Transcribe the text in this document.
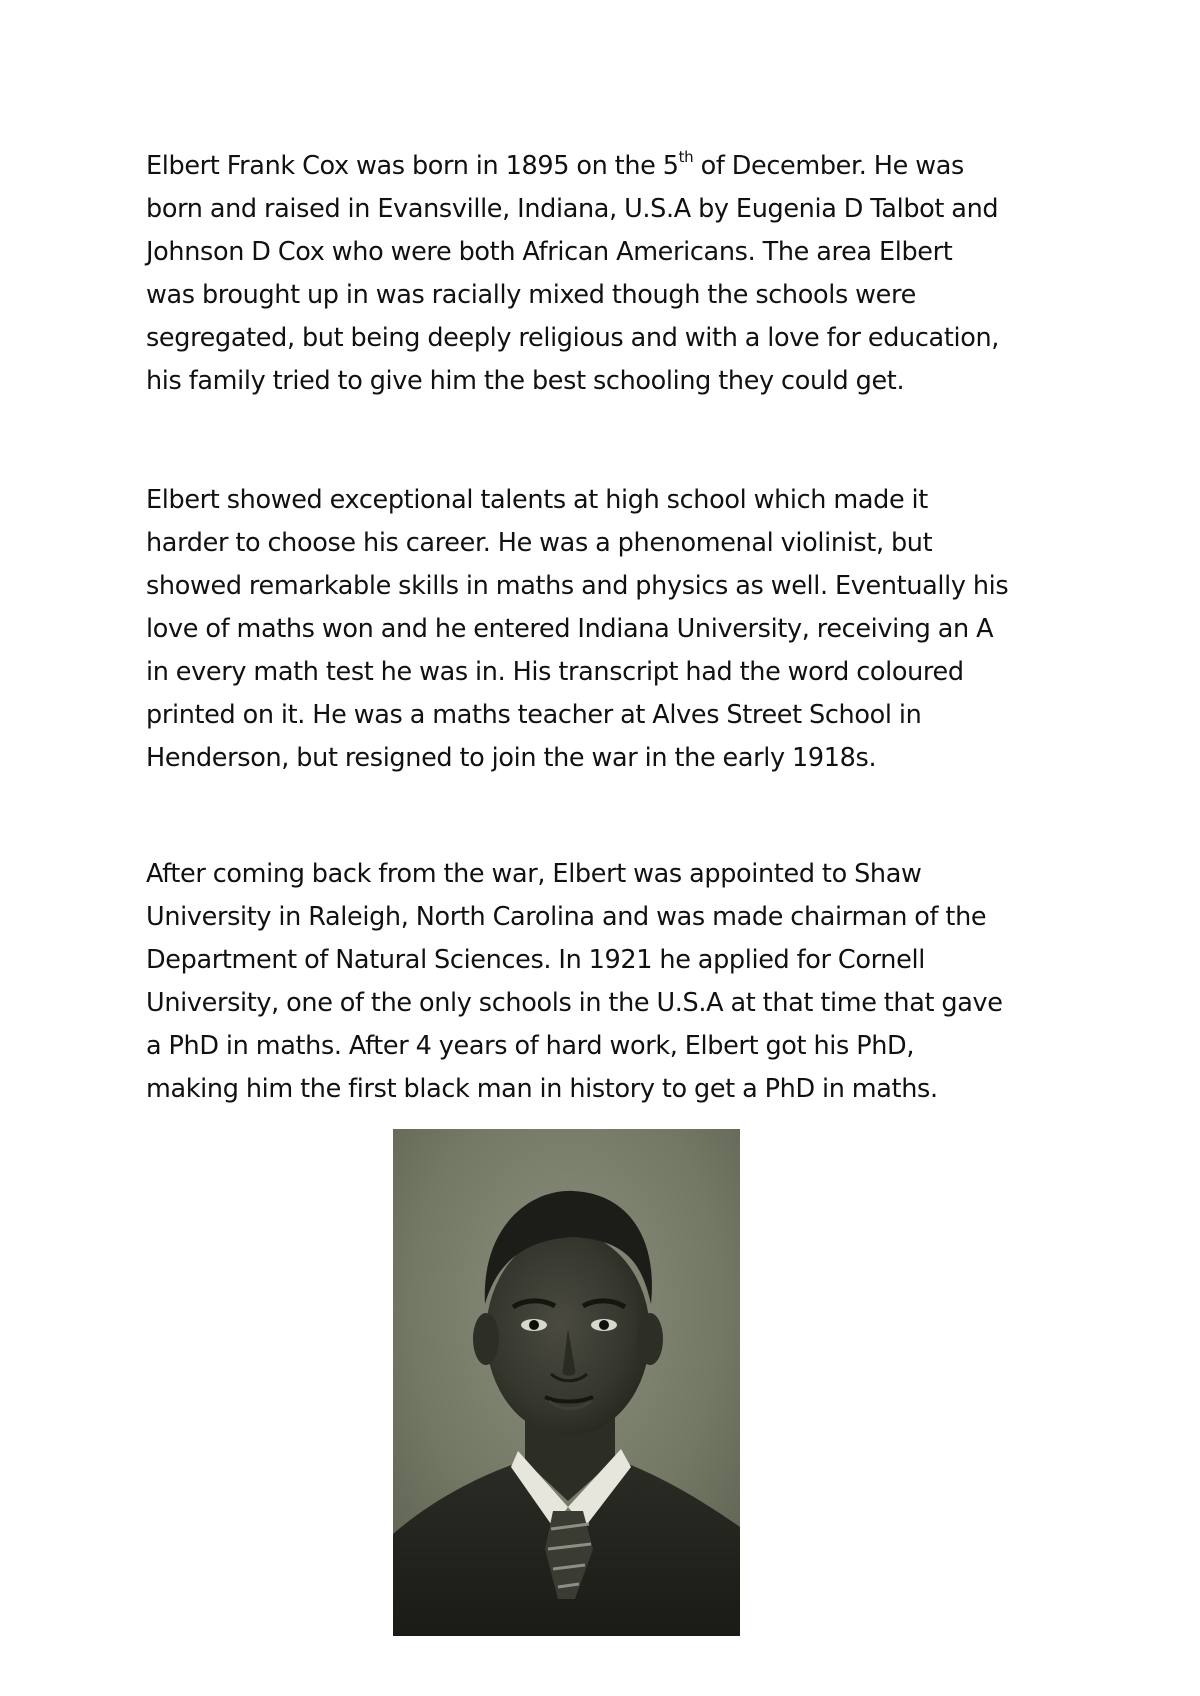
Elbert Frank Cox was born in 1895 on the 5th of December. He was
born and raised in Evansville, Indiana, U.S.A by Eugenia D Talbot and
Johnson D Cox who were both African Americans. The area Elbert
was brought up in was racially mixed though the schools were
segregated, but being deeply religious and with a love for education,
his family tried to give him the best schooling they could get.

Elbert showed exceptional talents at high school which made it
harder to choose his career. He was a phenomenal violinist, but
showed remarkable skills in maths and physics as well. Eventually his
love of maths won and he entered Indiana University, receiving an A
in every math test he was in. His transcript had the word coloured
printed on it. He was a maths teacher at Alves Street School in
Henderson, but resigned to join the war in the early 1918s.

After coming back from the war, Elbert was appointed to Shaw
University in Raleigh, North Carolina and was made chairman of the
Department of Natural Sciences. In 1921 he applied for Cornell
University, one of the only schools in the U.S.A at that time that gave
a PhD in maths. After 4 years of hard work, Elbert got his PhD,
making him the first black man in history to get a PhD in maths.
